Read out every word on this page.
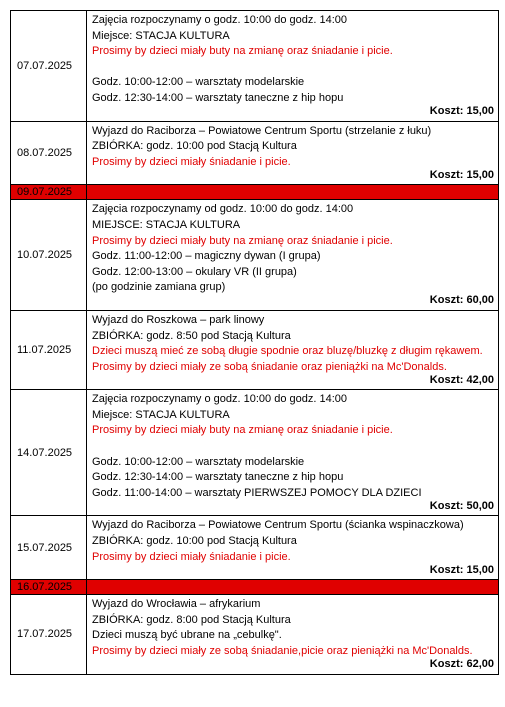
07.07.2025
Zajęcia rozpoczynamy o godz. 10:00 do godz. 14:00
Miejsce: STACJA KULTURA
Prosimy by dzieci miały buty na zmianę oraz śniadanie i picie.
Godz. 10:00-12:00 – warsztaty modelarskie
Godz. 12:30-14:00 – warsztaty taneczne z hip hopu
Koszt: 15,00
08.07.2025
Wyjazd do Raciborza – Powiatowe Centrum Sportu (strzelanie z łuku)
ZBIÓRKA: godz. 10:00 pod Stacją Kultura
Prosimy by dzieci miały śniadanie i picie.
Koszt: 15,00
09.07.2025
10.07.2025
Zajęcia rozpoczynamy od godz. 10:00 do godz. 14:00
MIEJSCE: STACJA KULTURA
Prosimy by dzieci miały buty na zmianę oraz śniadanie i picie.
Godz. 11:00-12:00 – magiczny dywan (I grupa)
Godz. 12:00-13:00 – okulary VR (II grupa)
(po godzinie zamiana grup)
Koszt: 60,00
11.07.2025
Wyjazd do Roszkowa – park linowy
ZBIÓRKA: godz. 8:50 pod Stacją Kultura
Dzieci muszą mieć ze sobą długie spodnie oraz bluzę/bluzkę z długim rękawem.
Prosimy by dzieci miały ze sobą śniadanie oraz pieniążki na Mc'Donalds.
Koszt: 42,00
14.07.2025
Zajęcia rozpoczynamy o godz. 10:00 do godz. 14:00
Miejsce: STACJA KULTURA
Prosimy by dzieci miały buty na zmianę oraz śniadanie i picie.
Godz. 10:00-12:00 – warsztaty modelarskie
Godz. 12:30-14:00 – warsztaty taneczne z hip hopu
Godz. 11:00-14:00 – warsztaty PIERWSZEJ POMOCY DLA DZIECI
Koszt: 50,00
15.07.2025
Wyjazd do Raciborza – Powiatowe Centrum Sportu (ścianka wspinaczkowa)
ZBIÓRKA: godz. 10:00 pod Stacją Kultura
Prosimy by dzieci miały śniadanie i picie.
Koszt: 15,00
16.07.2025
17.07.2025
Wyjazd do Wrocławia – afrykarium
ZBIÓRKA: godz. 8:00 pod Stacją Kultura
Dzieci muszą być ubrane na „cebulkę".
Prosimy by dzieci miały ze sobą śniadanie,picie oraz pieniążki na Mc'Donalds.
Koszt: 62,00
